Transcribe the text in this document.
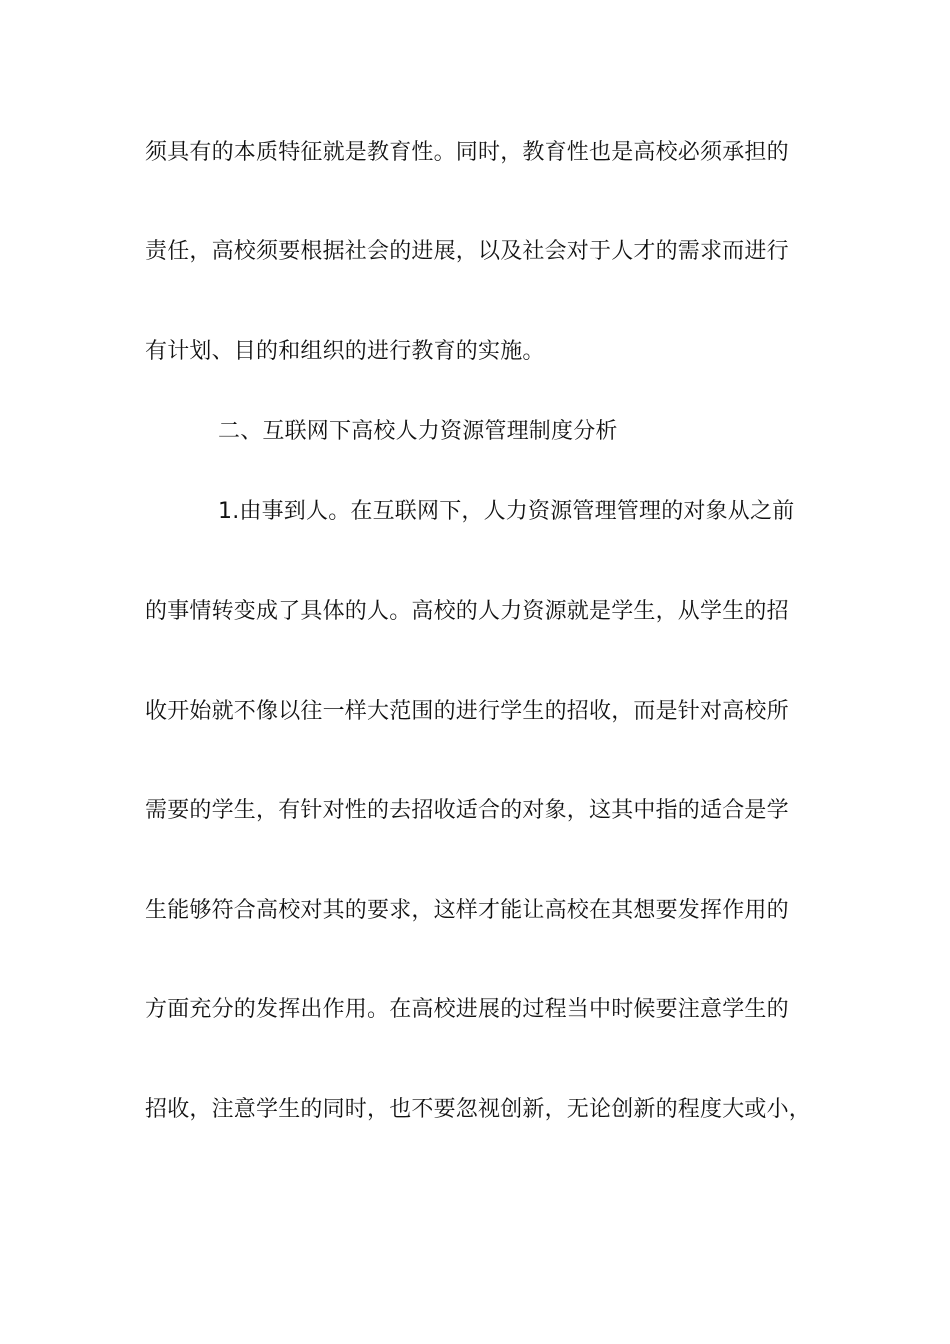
须具有的本质特征就是教育性。同时，教育性也是高校必须承担的
责任，高校须要根据社会的进展，以及社会对于人才的需求而进行
有计划、目的和组织的进行教育的实施。
二、互联网下高校人力资源管理制度分析
1.由事到人。在互联网下，人力资源管理管理的对象从之前
的事情转变成了具体的人。高校的人力资源就是学生，从学生的招
收开始就不像以往一样大范围的进行学生的招收，而是针对高校所
需要的学生，有针对性的去招收适合的对象，这其中指的适合是学
生能够符合高校对其的要求，这样才能让高校在其想要发挥作用的
方面充分的发挥出作用。在高校进展的过程当中时候要注意学生的
招收，注意学生的同时，也不要忽视创新，无论创新的程度大或小，
